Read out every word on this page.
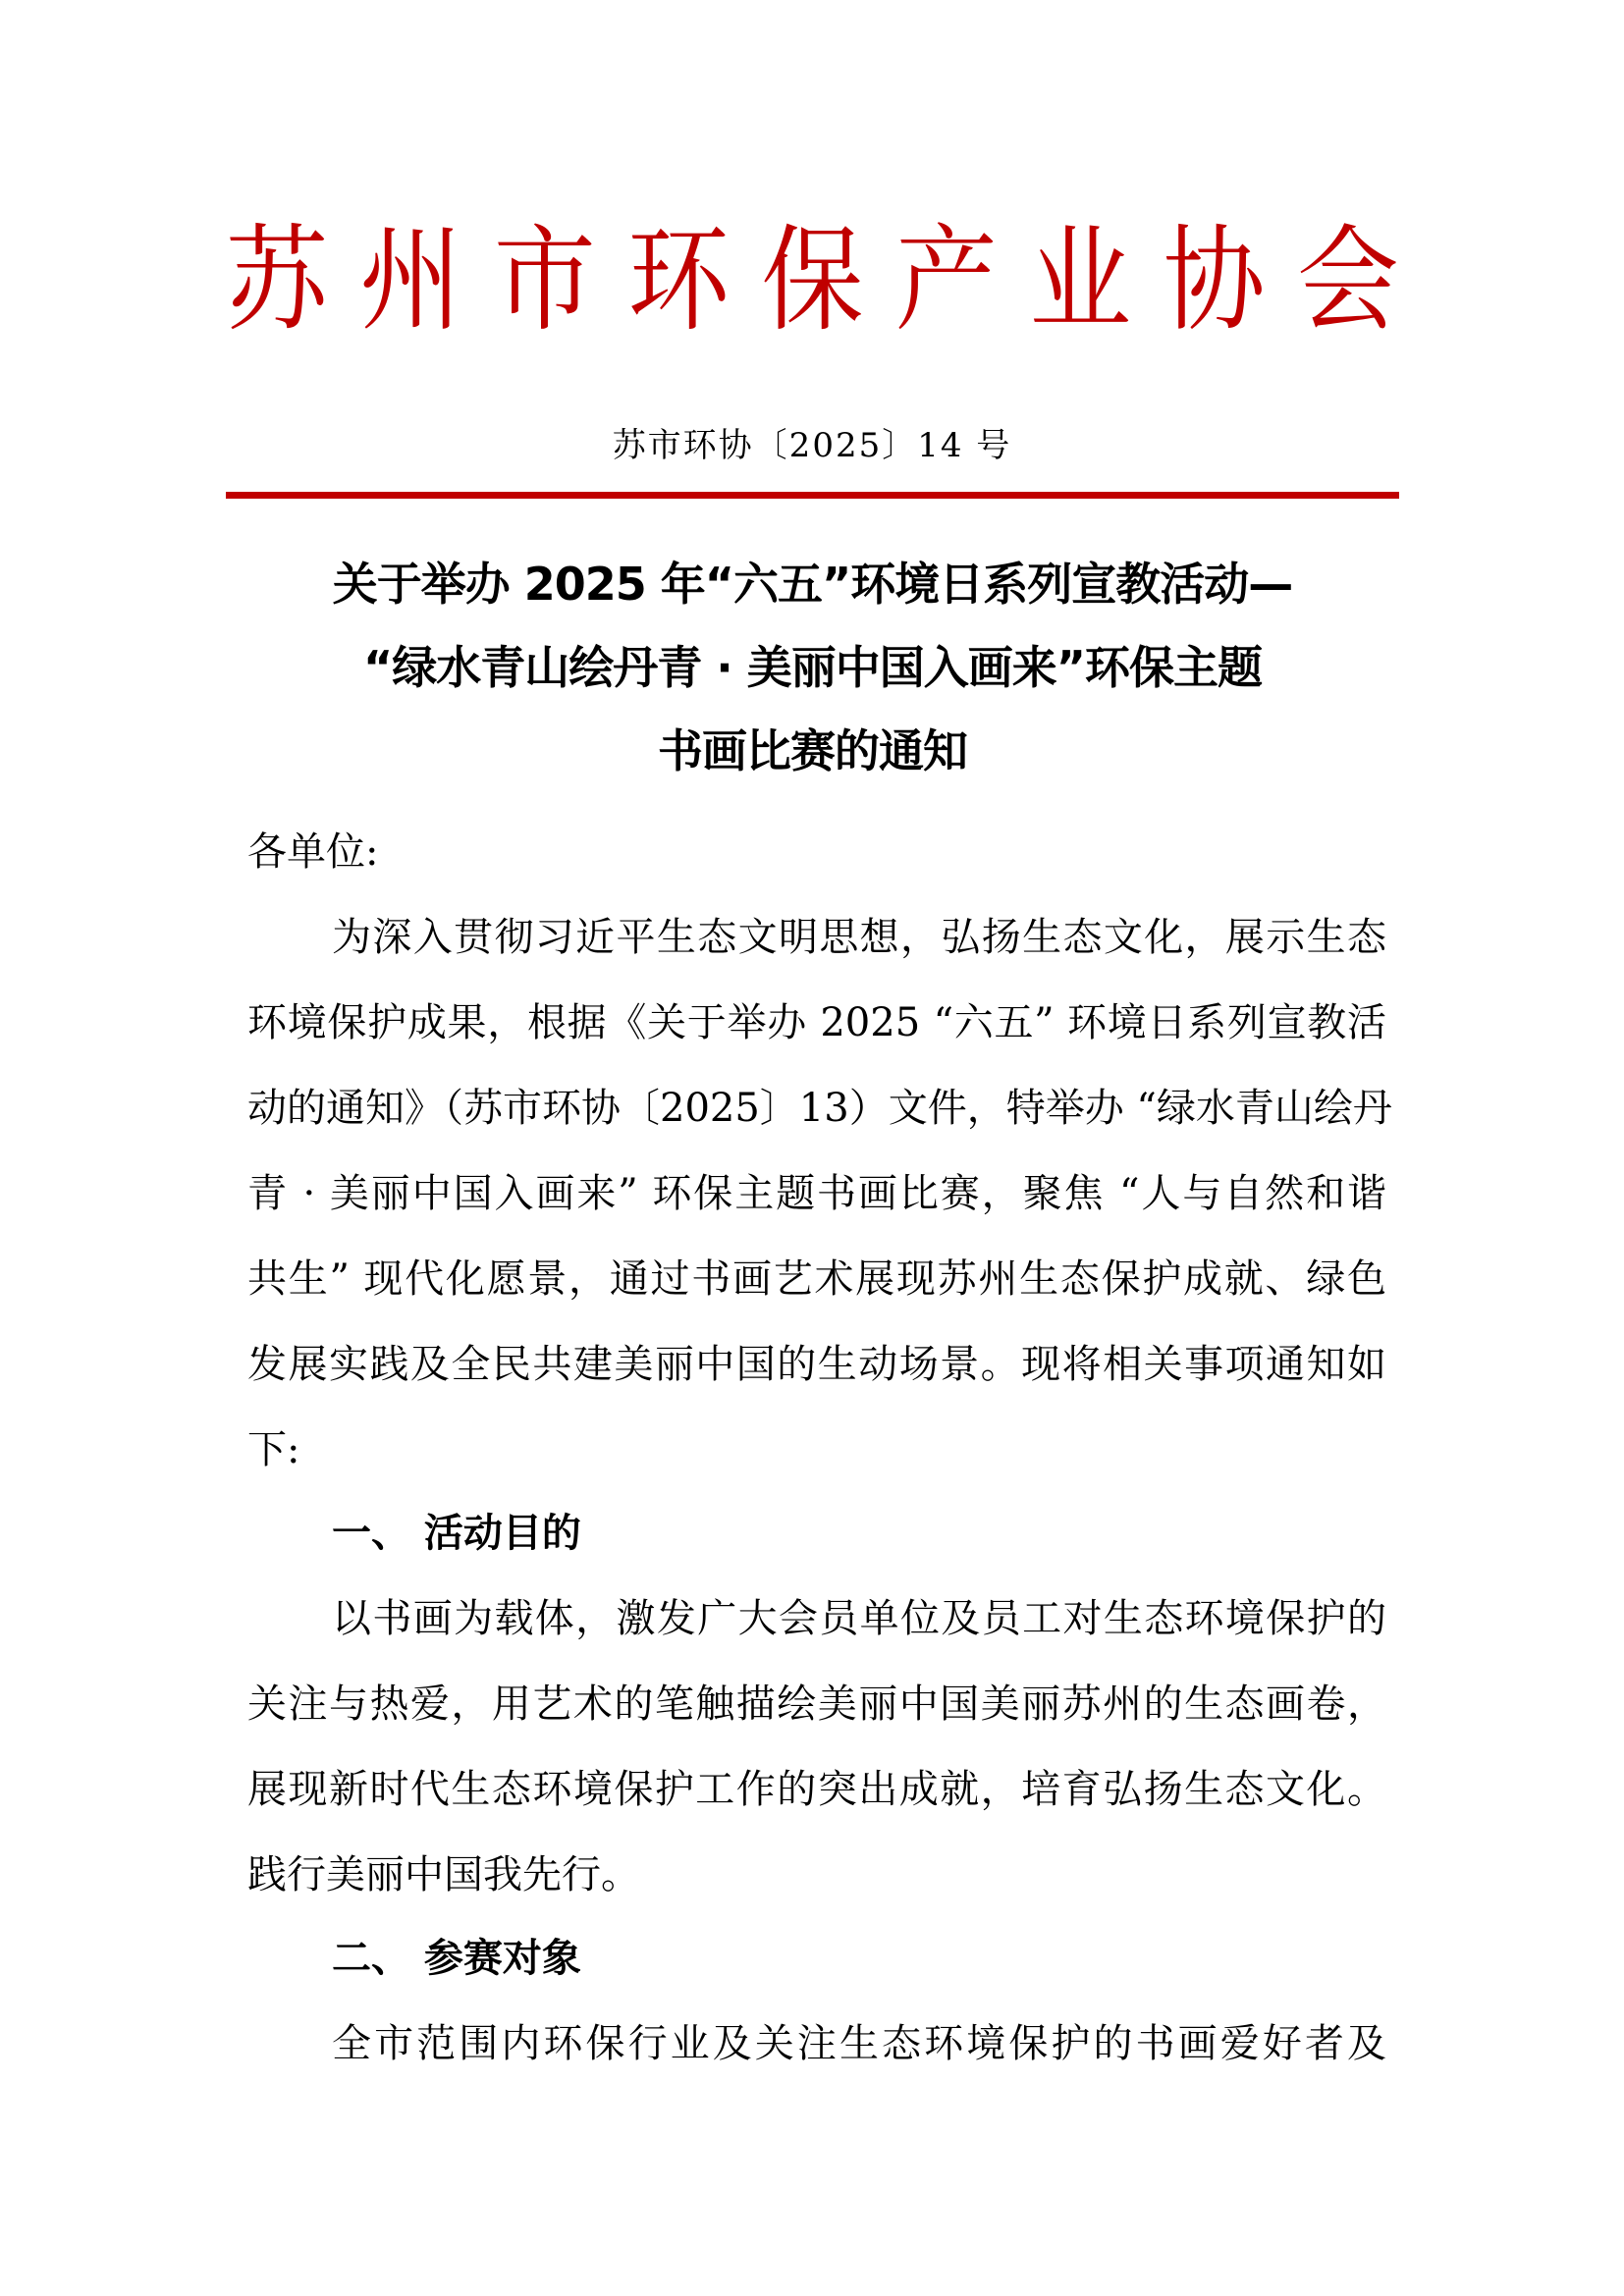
苏 州 市 环 保 产 业 协 会
苏市环协〔2025〕14 号
关于举办 2025 年“六五”环境日系列宣教活动—
“绿水青山绘丹青 · 美丽中国入画来”环保主题
书画比赛的通知
各单位:
为深入贯彻习近平生态文明思想，弘扬生态文化，展示生态
环境保护成果，根据《关于举办 2025 “六五” 环境日系列宣教活
动的通知》（苏市环协〔2025〕13）文件，特举办 “绿水青山绘丹
青 · 美丽中国入画来” 环保主题书画比赛，聚焦 “人与自然和谐
共生” 现代化愿景，通过书画艺术展现苏州生态保护成就、绿色
发展实践及全民共建美丽中国的生动场景。现将相关事项通知如
下:
一、 活动目的
以书画为载体，激发广大会员单位及员工对生态环境保护的
关注与热爱，用艺术的笔触描绘美丽中国美丽苏州的生态画卷，
展现新时代生态环境保护工作的突出成就，培育弘扬生态文化。
践行美丽中国我先行。
二、 参赛对象
全市范围内环保行业及关注生态环境保护的书画爱好者及
